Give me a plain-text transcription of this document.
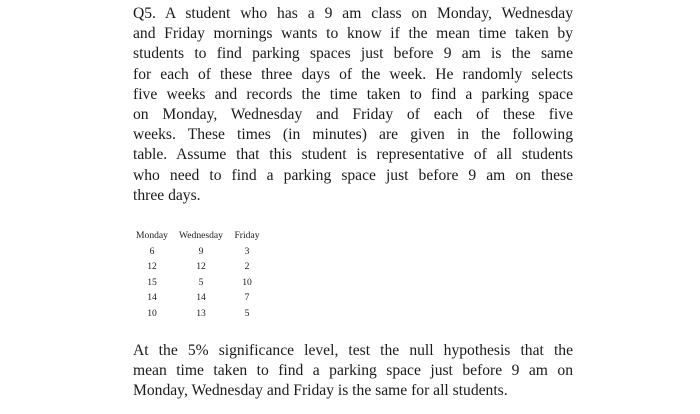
Q5. A student who has a 9 am class on Monday, Wednesday
and Friday mornings wants to know if the mean time taken by
students to find parking spaces just before 9 am is the same
for each of these three days of the week. He randomly selects
five weeks and records the time taken to find a parking space
on Monday, Wednesday and Friday of each of these five
weeks. These times (in minutes) are given in the following
table. Assume that this student is representative of all students
who need to find a parking space just before 9 am on these
three days.
Monday	Wednesday	Friday
6	9	3
12	12	2
15	5	10
14	14	7
10	13	5
At the 5% significance level, test the null hypothesis that the
mean time taken to find a parking space just before 9 am on
Monday, Wednesday and Friday is the same for all students.
